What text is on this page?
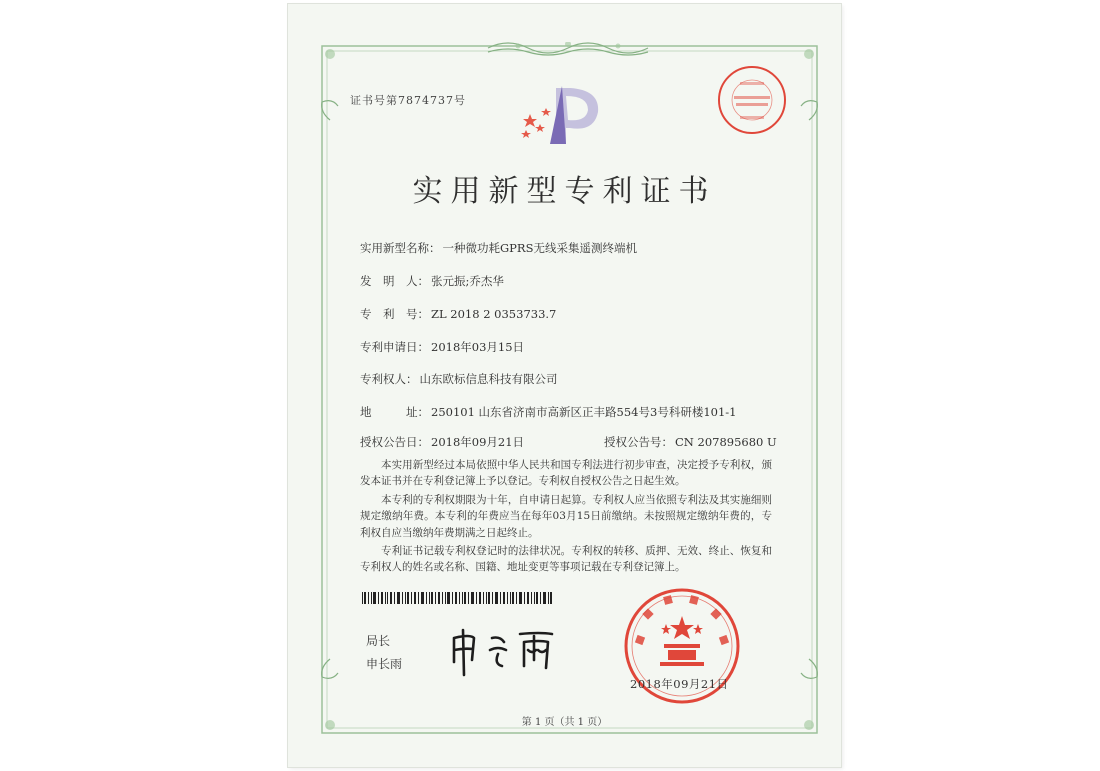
证书号第7874737号
实用新型专利证书
实用新型名称： 一种微功耗GPRS无线采集遥测终端机
发　明　人： 张元振;乔杰华
专　利　号： ZL 2018 2 0353733.7
专利申请日： 2018年03月15日
专利权人： 山东欧标信息科技有限公司
地　　　址： 250101 山东省济南市高新区正丰路554号3号科研楼101-1
授权公告日： 2018年09月21日	授权公告号： CN 207895680 U

本实用新型经过本局依照中华人民共和国专利法进行初步审查，决定授予专利权，颁发本证书并在专利登记簿上予以登记。专利权自授权公告之日起生效。

本专利的专利权期限为十年，自申请日起算。专利权人应当依照专利法及其实施细则规定缴纳年费。本专利的年费应当在每年03月15日前缴纳。未按照规定缴纳年费的，专利权自应当缴纳年费期满之日起终止。

专利证书记载专利权登记时的法律状况。专利权的转移、质押、无效、终止、恢复和专利权人的姓名或名称、国籍、地址变更等事项记载在专利登记簿上。

局长
申长雨
2018年09月21日
第 1 页（共 1 页）
